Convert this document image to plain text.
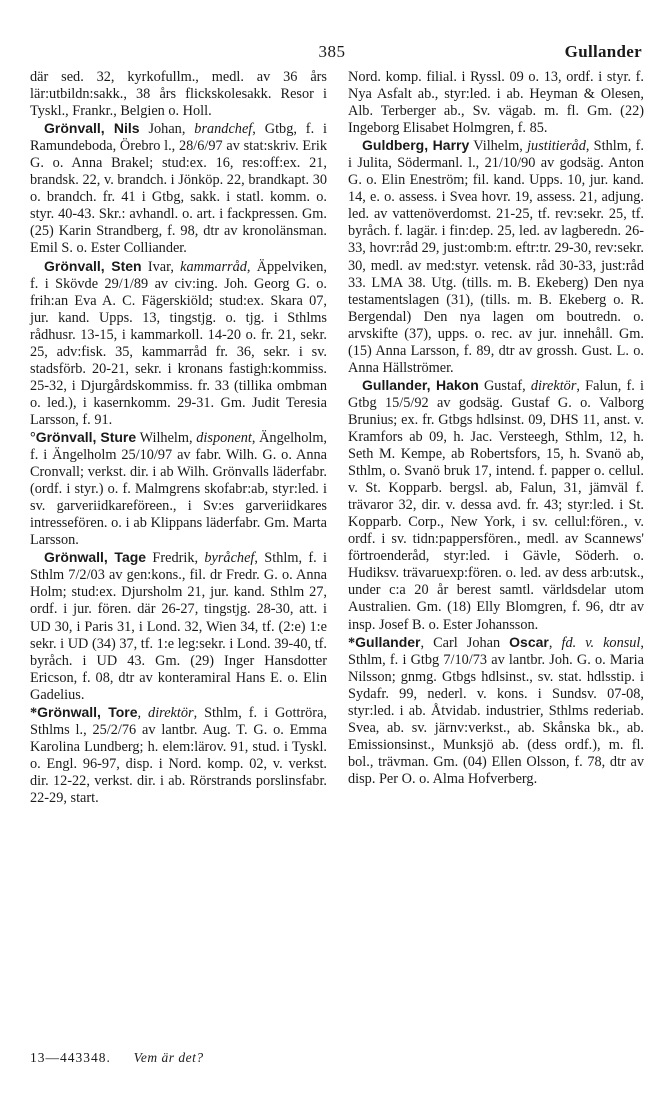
385	Gullander

där sed. 32, kyrkofullm., medl. av 36 års lär:utbildn:sakk., 38 års flickskolesakk. Resor i Tyskl., Frankr., Belgien o. Holl.

Grönvall, Nils Johan, brandchef, Gtbg, f. i Ramundeboda, Örebro l., 28/6/97 av stat:skriv. Erik G. o. Anna Brakel; stud:ex. 16, res:off:ex. 21, brandsk. 22, v. brandch. i Jönköp. 22, brandkapt. 30 o. brandch. fr. 41 i Gtbg, sakk. i statl. komm. o. styr. 40-43. Skr.: avhandl. o. art. i fackpressen. Gm. (25) Karin Strandberg, f. 98, dtr av kronolänsman. Emil S. o. Ester Colliander.

Grönvall, Sten Ivar, kammarråd, Äppelviken, f. i Skövde 29/1/89 av civ:ing. Joh. Georg G. o. frih:an Eva A. C. Fägerskiöld; stud:ex. Skara 07, jur. kand. Upps. 13, tingstjg. o. tjg. i Sthlms rådhusr. 13-15, i kammarkoll. 14-20 o. fr. 21, sekr. 25, adv:fisk. 35, kammarråd fr. 36, sekr. i sv. stadsförb. 20-21, sekr. i kronans fastigh:kommiss. 25-32, i Djurgårdskommiss. fr. 33 (tillika ombman o. led.), i kasernkomm. 29-31. Gm. Judit Teresia Larsson, f. 91.

°Grönvall, Sture Wilhelm, disponent, Ängelholm, f. i Ängelholm 25/10/97 av fabr. Wilh. G. o. Anna Cronvall; verkst. dir. i ab Wilh. Grönvalls läderfabr. (ordf. i styr.) o. f. Malmgrens skofabr:ab, styr:led. i sv. garveriidkareföreen., i Sv:es garveriidkares intressefören. o. i ab Klippans läderfabr. Gm. Marta Larsson.

Grönwall, Tage Fredrik, byråchef, Sthlm, f. i Sthlm 7/2/03 av gen:kons., fil. dr Fredr. G. o. Anna Holm; stud:ex. Djursholm 21, jur. kand. Sthlm 27, ordf. i jur. fören. där 26-27, tingstjg. 28-30, att. i UD 30, i Paris 31, i Lond. 32, Wien 34, tf. (2:e) 1:e sekr. i UD (34) 37, tf. 1:e leg:sekr. i Lond. 39-40, tf. byråch. i UD 43. Gm. (29) Inger Hansdotter Ericson, f. 08, dtr av konteramiral Hans E. o. Elin Gadelius.

*Grönwall, Tore, direktör, Sthlm, f. i Gottröra, Sthlms l., 25/2/76 av lantbr. Aug. T. G. o. Emma Karolina Lundberg; h. elem:lärov. 91, stud. i Tyskl. o. Engl. 96-97, disp. i Nord. komp. 02, v. verkst. dir. 12-22, verkst. dir. i ab. Rörstrands porslinsfabr. 22-29, start.

Nord. komp. filial. i Ryssl. 09 o. 13, ordf. i styr. f. Nya Asfalt ab., styr:led. i ab. Heyman & Olesen, Alb. Terberger ab., Sv. vägab. m. fl. Gm. (22) Ingeborg Elisabet Holmgren, f. 85.

Guldberg, Harry Vilhelm, justitieråd, Sthlm, f. i Julita, Södermanl. l., 21/10/90 av godsäg. Anton G. o. Elin Eneström; fil. kand. Upps. 10, jur. kand. 14, e. o. assess. i Svea hovr. 19, assess. 21, adjung. led. av vattenöverdomst. 21-25, tf. rev:sekr. 25, tf. byråch. f. lagär. i fin:dep. 25, led. av lagberedn. 26-33, hovr:råd 29, just:omb:m. eftr:tr. 29-30, rev:sekr. 30, medl. av med:styr. vetensk. råd 30-33, just:råd 33. LMA 38. Utg. (tills. m. B. Ekeberg) Den nya testamentslagen (31), (tills. m. B. Ekeberg o. R. Bergendal) Den nya lagen om boutredn. o. arvskifte (37), upps. o. rec. av jur. innehåll. Gm. (15) Anna Larsson, f. 89, dtr av grossh. Gust. L. o. Anna Hällströmer.

Gullander, Hakon Gustaf, direktör, Falun, f. i Gtbg 15/5/92 av godsäg. Gustaf G. o. Valborg Brunius; ex. fr. Gtbgs hdlsinst. 09, DHS 11, anst. v. Kramfors ab 09, h. Jac. Versteegh, Sthlm, 12, h. Seth M. Kempe, ab Robertsfors, 15, h. Svanö ab, Sthlm, o. Svanö bruk 17, intend. f. papper o. cellul. v. St. Kopparb. bergsl. ab, Falun, 31, jämväl f. trävaror 32, dir. v. dessa avd. fr. 43; styr:led. i St. Kopparb. Corp., New York, i sv. cellul:fören., v. ordf. i sv. tidn:pappersfören., medl. av Scannews' förtroenderåd, styr:led. i Gävle, Söderh. o. Hudiksv. trävaruexp:fören. o. led. av dess arb:utsk., under c:a 20 år berest samtl. världsdelar utom Australien. Gm. (18) Elly Blomgren, f. 96, dtr av insp. Josef B. o. Ester Johansson.

*Gullander, Carl Johan Oscar, fd. v. konsul, Sthlm, f. i Gtbg 7/10/73 av lantbr. Joh. G. o. Maria Nilsson; gnmg. Gtbgs hdlsinst., sv. stat. hdlsstip. i Sydafr. 99, nederl. v. kons. i Sundsv. 07-08, styr:led. i ab. Åtvidab. industrier, Sthlms rederiab. Svea, ab. sv. järnv:verkst., ab. Skånska bk., ab. Emissionsinst., Munksjö ab. (dess ordf.), m. fl. bol., trävman. Gm. (04) Ellen Olsson, f. 78, dtr av disp. Per O. o. Alma Hofverberg.

13—443348. Vem är det?
